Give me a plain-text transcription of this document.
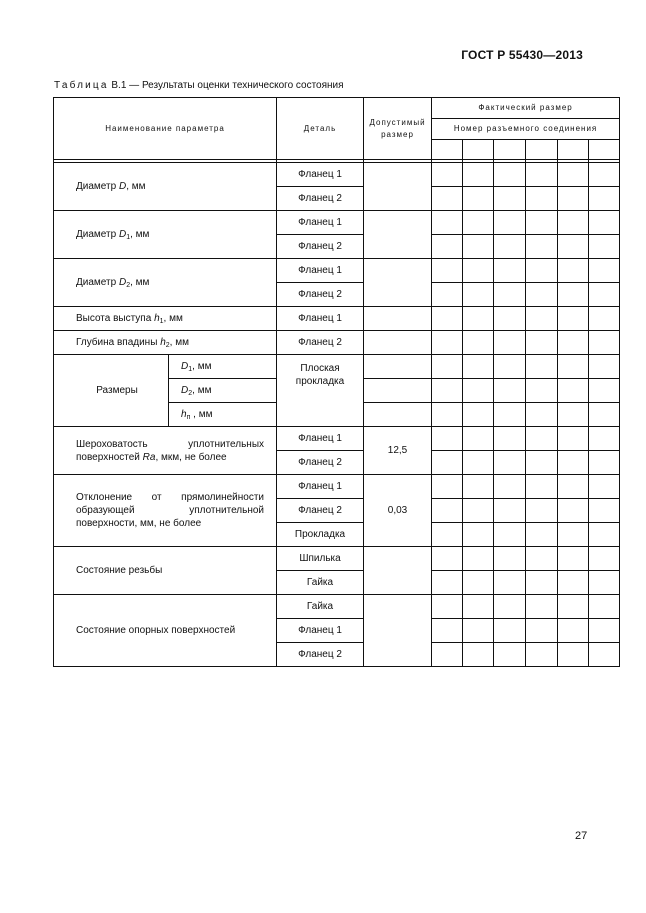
ГОСТ Р 55430—2013
Таблица В.1 — Результаты оценки технического состояния
Наименование параметра		Деталь	Допустимый размер	Фактический размер					
				Номер разъемного соединения					

Диаметр D, мм		Фланец 1							
		Фланец 2							
Диаметр $D_1$, мм		Фланец 1							
		Фланец 2							
Диаметр $D_2$, мм		Фланец 1							
		Фланец 2							
Высота выступа $h_1$, мм		Фланец 1							
Глубина впадины $h_2$, мм		Фланец 2							
Размеры	$D_1$, мм	Плоская прокладка							
	$D_2$, мм								
	$h_п$ , мм								
Шероховатость уплотнительных поверхностей Ra, мкм, не более		Фланец 1	12,5						
		Фланец 2							
Отклонение от прямолинейности образующей уплотнительной поверхности, мм, не более		Фланец 1	0,03						
		Фланец 2							
		Прокладка							
Состояние резьбы		Шпилька							
		Гайка							
Состояние опорных поверхностей		Гайка							
		Фланец 1							
		Фланец 2							
27
